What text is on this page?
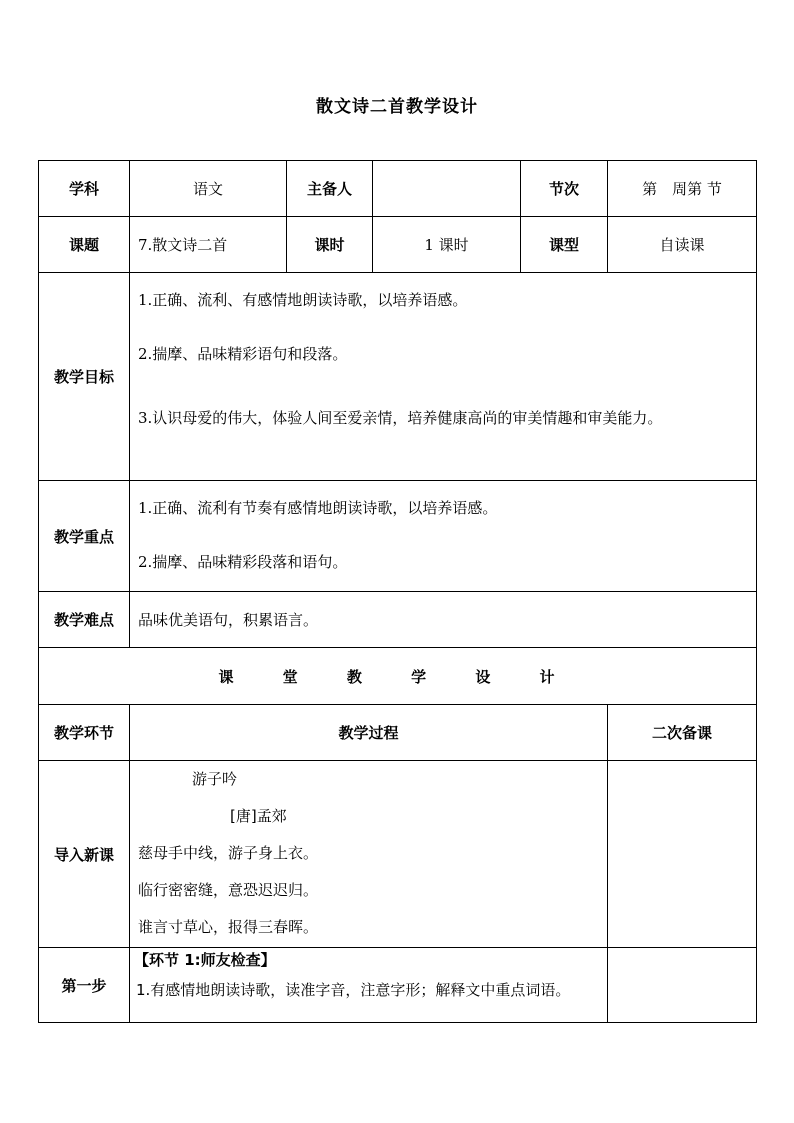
散文诗二首教学设计
学科	语文	主备人		节次	第　周第 节
课题	7.散文诗二首	课时	1 课时	课型	自读课
教学目标	1.正确、流利、有感情地朗读诗歌，以培养语感。

2.揣摩、品味精彩语句和段落。

3.认识母爱的伟大，体验人间至爱亲情，培养健康高尚的审美情趣和审美能力。				

教学重点	1.正确、流利有节奏有感情地朗读诗歌，以培养语感。

2.揣摩、品味精彩段落和语句。				

教学难点	品味优美语句，积累语言。				
课 堂 教 学 设 计					
教学环节	教学过程				二次备课
导入新课	游子吟
[唐]孟郊
慈母手中线，游子身上衣。
临行密密缝，意恐迟迟归。
谁言寸草心，报得三春晖。				

第一步	【环节 1:师友检查】
1.有感情地朗读诗歌，读准字音，注意字形；解释文中重点词语。				
